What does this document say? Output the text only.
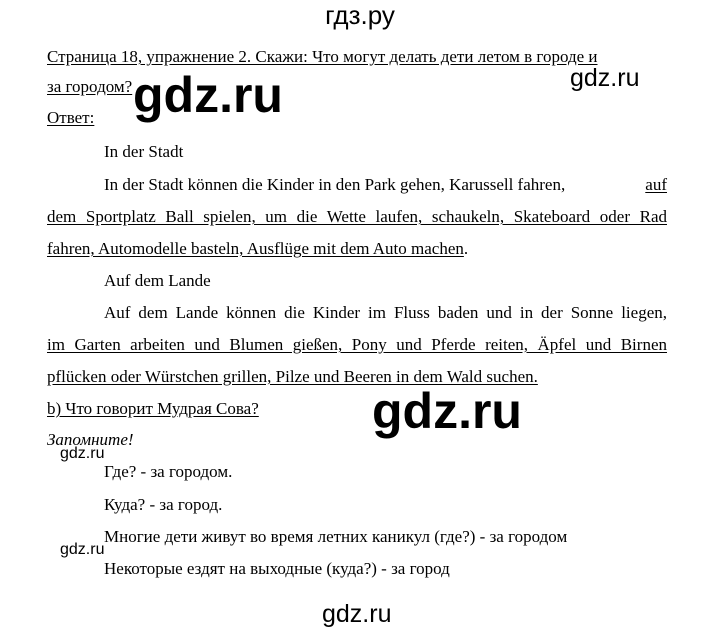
гдз.ру
Страница 18, упражнение 2. Скажи: Что могут делать дети летом в городе и
за городом?
Ответ:
In der Stadt
In der Stadt können die Kinder in den Park gehen, Karussell fahren,	auf
dem Sportplatz Ball spielen, um die Wette laufen, schaukeln, Skateboard oder Rad
fahren, Automodelle basteln, Ausflüge mit dem Auto machen.
Auf dem Lande
Auf dem Lande können die Kinder im Fluss baden und in der Sonne liegen,
im Garten arbeiten und Blumen gießen, Pony und Pferde reiten, Äpfel und Birnen
pflücken oder Würstchen grillen, Pilze und Beeren in dem Wald suchen.
b) Что говорит Мудрая Сова?
Запомните!
Где? - за городом.
Куда? - за город.
Многие дети живут во время летних каникул (где?) - за городом
Некоторые ездят на выходные (куда?) - за город
gdz.ru	gdz.ru
gdz.ru
gdz.ru
gdz.ru
gdz.ru
